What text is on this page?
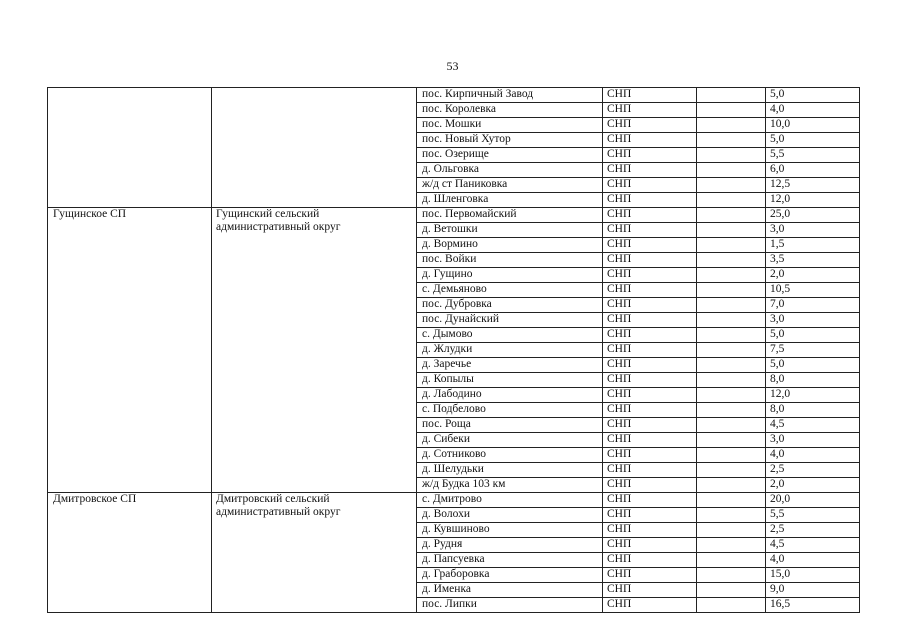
53
		пос. Кирпичный Завод	СНП		5,0
		пос. Королевка	СНП		4,0
		пос. Мошки	СНП		10,0
		пос. Новый Хутор	СНП		5,0
		пос. Озерище	СНП		5,5
		д. Ольговка	СНП		6,0
		ж/д ст Паниковка	СНП		12,5
		д. Шленговка	СНП		12,0
Гущинское СП	Гущинский сельский административный округ	пос. Первомайский	СНП		25,0
		д. Ветошки	СНП		3,0
		д. Вормино	СНП		1,5
		пос. Войки	СНП		3,5
		д. Гущино	СНП		2,0
		с. Демьяново	СНП		10,5
		пос. Дубровка	СНП		7,0
		пос. Дунайский	СНП		3,0
		с. Дымово	СНП		5,0
		д. Жлудки	СНП		7,5
		д. Заречье	СНП		5,0
		д. Копылы	СНП		8,0
		д. Лабодино	СНП		12,0
		с. Подбелово	СНП		8,0
		пос. Роща	СНП		4,5
		д. Сибеки	СНП		3,0
		д. Сотниково	СНП		4,0
		д. Шелудьки	СНП		2,5
		ж/д Будка 103 км	СНП		2,0
Дмитровское СП	Дмитровский сельский административный округ	с. Дмитрово	СНП		20,0
		д. Волохи	СНП		5,5
		д. Кувшиново	СНП		2,5
		д. Рудня	СНП		4,5
		д. Папсуевка	СНП		4,0
		д. Граборовка	СНП		15,0
		д. Именка	СНП		9,0
		пос. Липки	СНП		16,5
